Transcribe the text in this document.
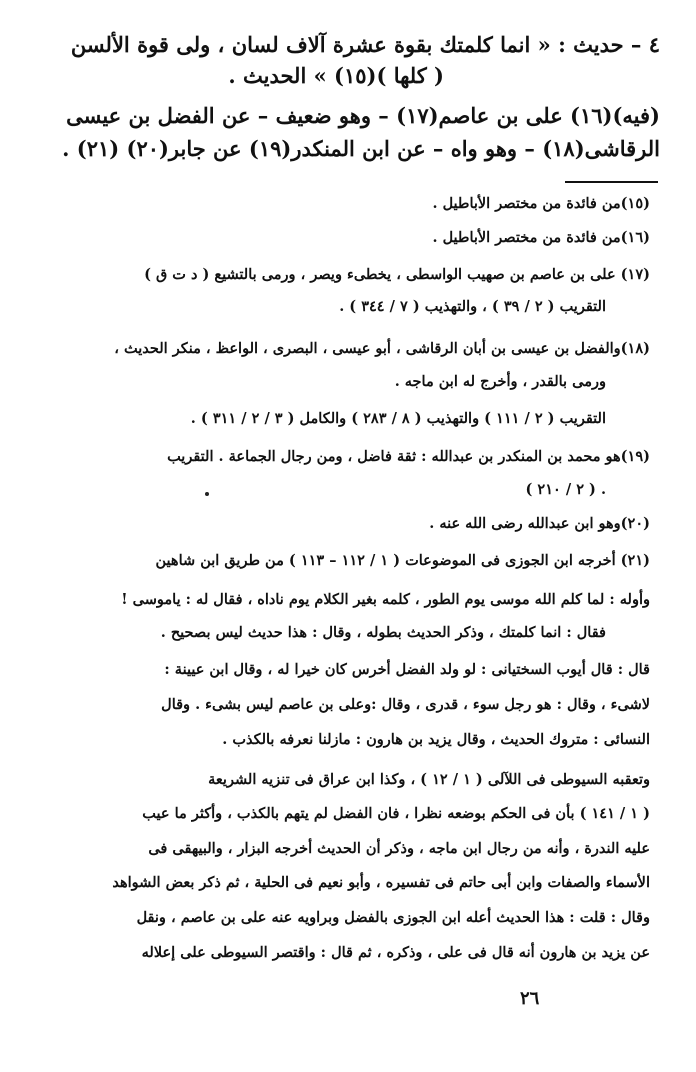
٤ – حديث : « انما كلمتك بقوة عشرة آلاف لسان ، ولى قوة الألسن
( كلها )(١٥) » الحديث .
(فيه)(١٦) على بن عاصم(١٧) – وهو ضعيف – عن الفضل بن عيسى
الرقاشى(١٨) – وهو واه – عن ابن المنكدر(١٩) عن جابر(٢٠) (٢١) .
(١٥)من فائدة من مختصر الأباطيل .
(١٦)من فائدة من مختصر الأباطيل .
(١٧) على بن عاصم بن صهيب الواسطى ، يخطىء ويصر ، ورمى بالتشيع ( د ت ق )
التقريب ( ٢ / ٣٩ ) ، والتهذيب ( ٧ / ٣٤٤ ) .
(١٨)والفضل بن عيسى بن أبان الرقاشى ، أبو عيسى ، البصرى ، الواعظ ، منكر الحديث ،
ورمى بالقدر ، وأخرج له ابن ماجه .
التقريب ( ٢ / ١١١ ) والتهذيب ( ٨ / ٢٨٣ ) والكامل ( ٣ / ٢ / ٣١١ ) .
(١٩)هو محمد بن المنكدر بن عبدالله : ثقة فاضل ، ومن رجال الجماعة . التقريب
( ٢ / ٢١٠ ) .
(٢٠)وهو ابن عبدالله رضى الله عنه .
(٢١) أخرجه ابن الجوزى فى الموضوعات ( ١ / ١١٢ – ١١٣ ) من طريق ابن شاهين
وأوله : لما كلم الله موسى يوم الطور ، كلمه بغير الكلام يوم ناداه ، فقال له : ياموسى !
فقال : انما كلمتك ، وذكر الحديث بطوله ، وقال : هذا حديث ليس بصحيح .
قال : قال أيوب السختيانى : لو ولد الفضل أخرس كان خيرا له ، وقال ابن عيينة :
لاشىء ، وقال : هو رجل سوء ، قدرى ، وقال :وعلى بن عاصم ليس بشىء . وقال
النسائى : متروك الحديث ، وقال يزيد بن هارون : مازلنا نعرفه بالكذب .
وتعقبه السيوطى فى اللآلى ( ١ / ١٢ ) ، وكذا ابن عراق فى تنزيه الشريعة
( ١ / ١٤١ ) بأن فى الحكم بوضعه نظرا ، فان الفضل لم يتهم بالكذب ، وأكثر ما عيب
عليه الندرة ، وأنه من رجال ابن ماجه ، وذكر أن الحديث أخرجه البزار ، والبيهقى فى
الأسماء والصفات وابن أبى حاتم فى تفسيره ، وأبو نعيم فى الحلية ، ثم ذكر بعض الشواهد
وقال : قلت : هذا الحديث أعله ابن الجوزى بالفضل وبراويه عنه على بن عاصم ، ونقل
عن يزيد بن هارون أنه قال فى على ، وذكره ، ثم قال : واقتصر السيوطى على إعلاله
٢٦
